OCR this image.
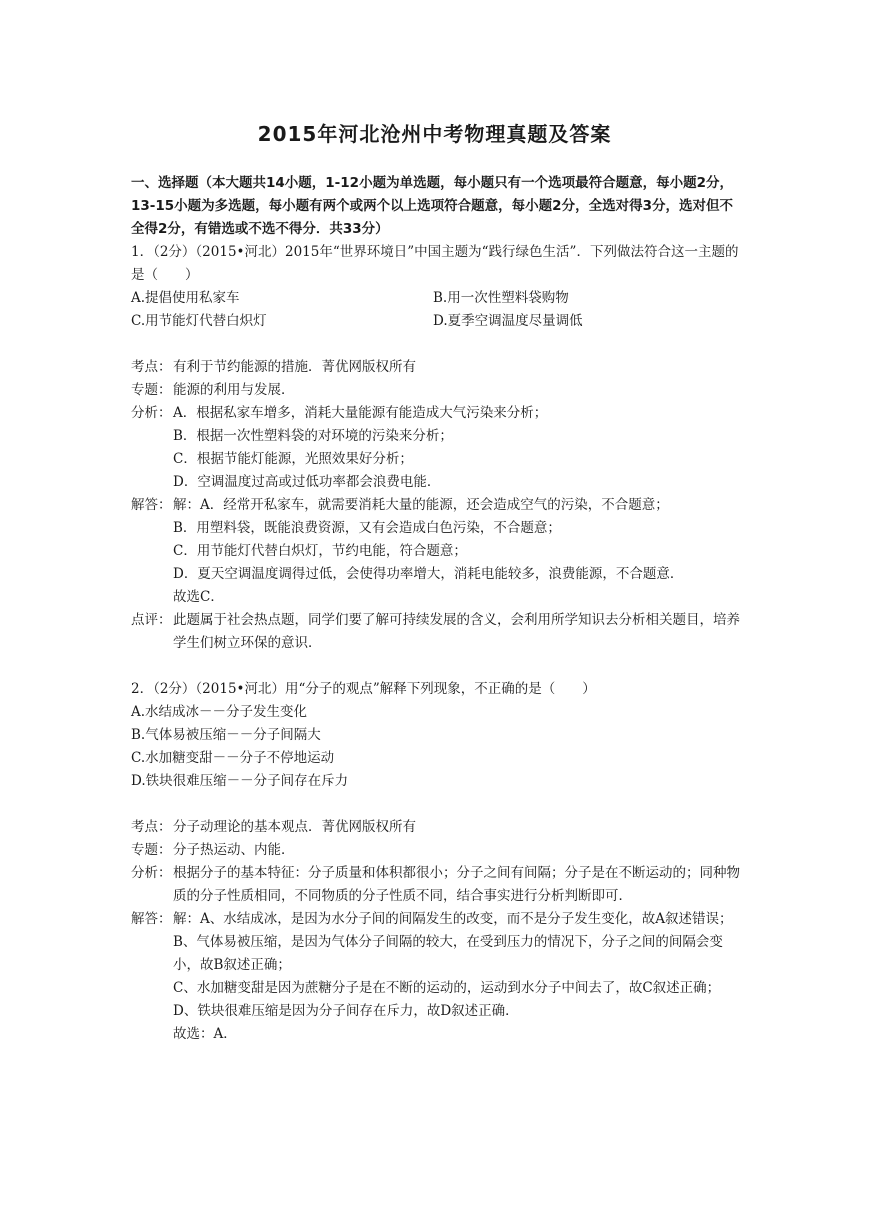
2015年河北沧州中考物理真题及答案

一、选择题（本大题共14小题，1-12小题为单选题，每小题只有一个选项最符合题意，每小题2分，13-15小题为多选题，每小题有两个或两个以上选项符合题意，每小题2分，全选对得3分，选对但不全得2分，有错选或不选不得分．共33分）

1．（2分）（2015•河北）2015年“世界环境日”中国主题为“践行绿色生活”．下列做法符合这一主题的是（　　）

A.提倡使用私家车	B.用一次性塑料袋购物
C.用节能灯代替白炽灯	D.夏季空调温度尽量调低
考点： 有利于节约能源的措施．菁优网版权所有
专题： 能源的利用与发展．
分析： A．根据私家车增多，消耗大量能源有能造成大气污染来分析；

B．根据一次性塑料袋的对环境的污染来分析；

C．根据节能灯能源，光照效果好分析；

D．空调温度过高或过低功率都会浪费电能．

解答： 解：A．经常开私家车，就需要消耗大量的能源，还会造成空气的污染，不合题意；

B．用塑料袋，既能浪费资源，又有会造成白色污染，不合题意；

C．用节能灯代替白炽灯，节约电能，符合题意；

D．夏天空调温度调得过低，会使得功率增大，消耗电能较多，浪费能源，不合题意．

故选C．

点评： 此题属于社会热点题，同学们要了解可持续发展的含义，会利用所学知识去分析相关题目，培养学生们树立环保的意识．

2．（2分）（2015•河北）用“分子的观点”解释下列现象，不正确的是（　　）

A.水结成冰－－分子发生变化

B.气体易被压缩－－分子间隔大

C.水加糖变甜－－分子不停地运动

D.铁块很难压缩－－分子间存在斥力

考点： 分子动理论的基本观点．菁优网版权所有
专题： 分子热运动、内能．
分析： 根据分子的基本特征：分子质量和体积都很小；分子之间有间隔；分子是在不断运动的；同种物质的分子性质相同，不同物质的分子性质不同，结合事实进行分析判断即可．
解答： 解：A、水结成冰，是因为水分子间的间隔发生的改变，而不是分子发生变化，故A叙述错误；

B、气体易被压缩，是因为气体分子间隔的较大，在受到压力的情况下，分子之间的间隔会变小，故B叙述正确；

C、水加糖变甜是因为蔗糖分子是在不断的运动的，运动到水分子中间去了，故C叙述正确；

D、铁块很难压缩是因为分子间存在斥力，故D叙述正确．

故选：A．
